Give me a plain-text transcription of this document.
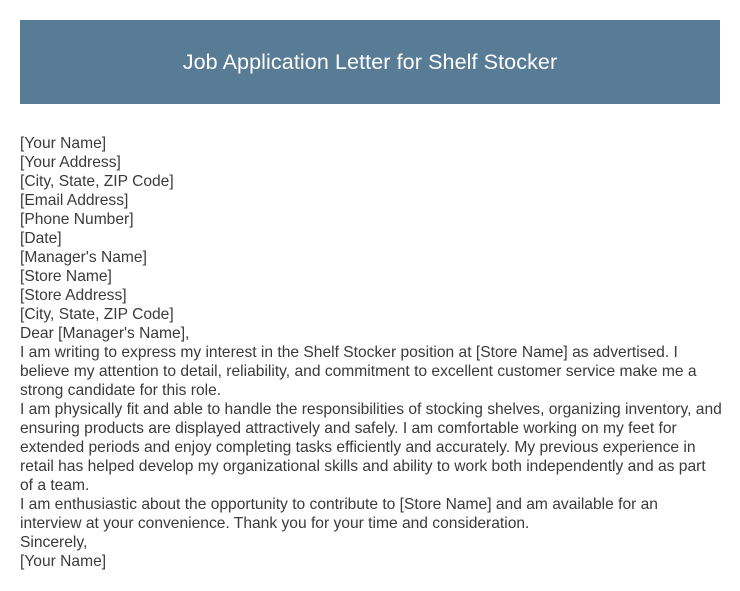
Job Application Letter for Shelf Stocker
[Your Name]
[Your Address]
[City, State, ZIP Code]
[Email Address]
[Phone Number]
[Date]
[Manager's Name]
[Store Name]
[Store Address]
[City, State, ZIP Code]
Dear [Manager's Name],
I am writing to express my interest in the Shelf Stocker position at [Store Name] as advertised. I believe my attention to detail, reliability, and commitment to excellent customer service make me a strong candidate for this role.
I am physically fit and able to handle the responsibilities of stocking shelves, organizing inventory, and ensuring products are displayed attractively and safely. I am comfortable working on my feet for extended periods and enjoy completing tasks efficiently and accurately. My previous experience in retail has helped develop my organizational skills and ability to work both independently and as part of a team.
I am enthusiastic about the opportunity to contribute to [Store Name] and am available for an interview at your convenience. Thank you for your time and consideration.
Sincerely,
[Your Name]
